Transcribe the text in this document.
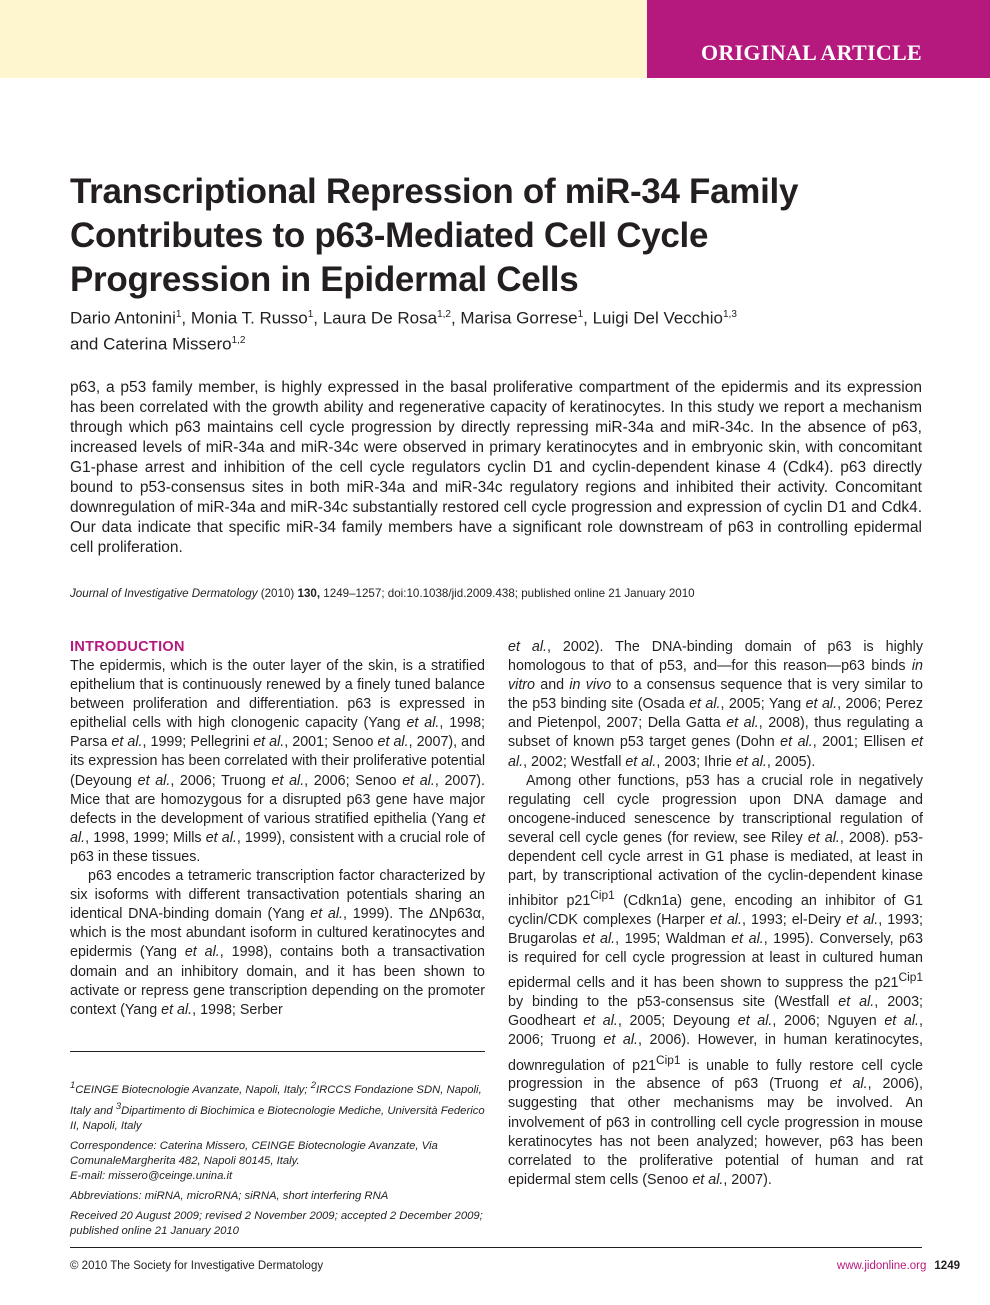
ORIGINAL ARTICLE
Transcriptional Repression of miR-34 Family Contributes to p63-Mediated Cell Cycle Progression in Epidermal Cells
Dario Antonini$^1$, Monia T. Russo$^1$, Laura De Rosa$^{1,2}$, Marisa Gorrese$^1$, Luigi Del Vecchio$^{1,3}$
and Caterina Missero$^{1,2}$

p63, a p53 family member, is highly expressed in the basal proliferative compartment of the epidermis and its expression has been correlated with the growth ability and regenerative capacity of keratinocytes. In this study we report a mechanism through which p63 maintains cell cycle progression by directly repressing miR-34a and miR-34c. In the absence of p63, increased levels of miR-34a and miR-34c were observed in primary keratinocytes and in embryonic skin, with concomitant G1-phase arrest and inhibition of the cell cycle regulators cyclin D1 and cyclin-dependent kinase 4 (Cdk4). p63 directly bound to p53-consensus sites in both miR-34a and miR-34c regulatory regions and inhibited their activity. Concomitant downregulation of miR-34a and miR-34c substantially restored cell cycle progression and expression of cyclin D1 and Cdk4. Our data indicate that specific miR-34 family members have a significant role downstream of p63 in controlling epidermal cell proliferation.

Journal of Investigative Dermatology (2010) 130, 1249–1257; doi:10.1038/jid.2009.438; published online 21 January 2010
INTRODUCTION

The epidermis, which is the outer layer of the skin, is a stratified epithelium that is continuously renewed by a finely tuned balance between proliferation and differentiation. p63 is expressed in epithelial cells with high clonogenic capacity (Yang et al., 1998; Parsa et al., 1999; Pellegrini et al., 2001; Senoo et al., 2007), and its expression has been correlated with their proliferative potential (Deyoung et al., 2006; Truong et al., 2006; Senoo et al., 2007). Mice that are homozygous for a disrupted p63 gene have major defects in the development of various stratified epithelia (Yang et al., 1998, 1999; Mills et al., 1999), consistent with a crucial role of p63 in these tissues.

p63 encodes a tetrameric transcription factor characterized by six isoforms with different transactivation potentials sharing an identical DNA-binding domain (Yang et al., 1999). The ΔNp63α, which is the most abundant isoform in cultured keratinocytes and epidermis (Yang et al., 1998), contains both a transactivation domain and an inhibitory domain, and it has been shown to activate or repress gene transcription depending on the promoter context (Yang et al., 1998; Serber

et al., 2002). The DNA-binding domain of p63 is highly homologous to that of p53, and—for this reason—p63 binds in vitro and in vivo to a consensus sequence that is very similar to the p53 binding site (Osada et al., 2005; Yang et al., 2006; Perez and Pietenpol, 2007; Della Gatta et al., 2008), thus regulating a subset of known p53 target genes (Dohn et al., 2001; Ellisen et al., 2002; Westfall et al., 2003; Ihrie et al., 2005).

Among other functions, p53 has a crucial role in negatively regulating cell cycle progression upon DNA damage and oncogene-induced senescence by transcriptional regulation of several cell cycle genes (for review, see Riley et al., 2008). p53-dependent cell cycle arrest in G1 phase is mediated, at least in part, by transcriptional activation of the cyclin-dependent kinase inhibitor $p21^{Cip1}$ (Cdkn1a) gene, encoding an inhibitor of G1 cyclin/CDK complexes (Harper et al., 1993; el-Deiry et al., 1993; Brugarolas et al., 1995; Waldman et al., 1995). Conversely, p63 is required for cell cycle progression at least in cultured human epidermal cells and it has been shown to suppress the $p21^{Cip1}$ by binding to the p53-consensus site (Westfall et al., 2003; Goodheart et al., 2005; Deyoung et al., 2006; Nguyen et al., 2006; Truong et al., 2006). However, in human keratinocytes, downregulation of $p21^{Cip1}$ is unable to fully restore cell cycle progression in the absence of p63 (Truong et al., 2006), suggesting that other mechanisms may be involved. An involvement of p63 in controlling cell cycle progression in mouse keratinocytes has not been analyzed; however, p63 has been correlated to the proliferative potential of human and rat epidermal stem cells (Senoo et al., 2007).

$^1$CEINGE Biotecnologie Avanzate, Napoli, Italy; $^2$IRCCS Fondazione SDN, Napoli, Italy and $^3$Dipartimento di Biochimica e Biotecnologie Mediche, Università Federico II, Napoli, Italy

Correspondence: Caterina Missero, CEINGE Biotecnologie Avanzate, Via ComunaleMargherita 482, Napoli 80145, Italy.
E-mail: missero@ceinge.unina.it

Abbreviations: miRNA, microRNA; siRNA, short interfering RNA

Received 20 August 2009; revised 2 November 2009; accepted 2 December 2009; published online 21 January 2010

© 2010 The Society for Investigative Dermatology	www.jidonline.org 1249
